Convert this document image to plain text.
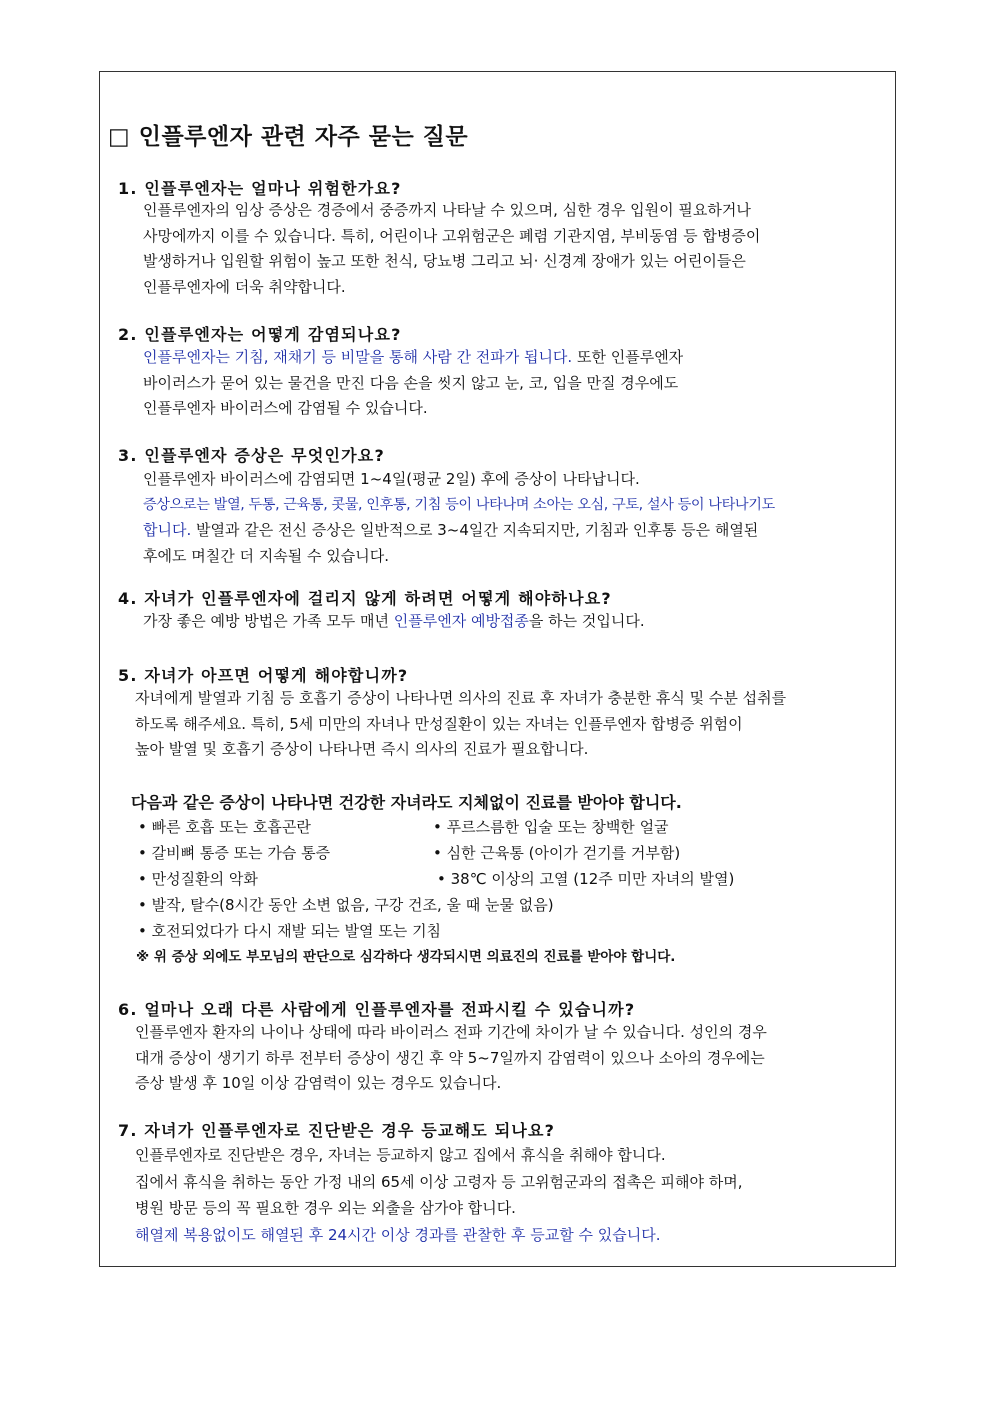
□ 인플루엔자 관련 자주 묻는 질문
1. 인플루엔자는 얼마나 위험한가요?
인플루엔자의 임상 증상은 경증에서 중증까지 나타날 수 있으며, 심한 경우 입원이 필요하거나
사망에까지 이를 수 있습니다. 특히, 어린이나 고위험군은 폐렴 기관지염, 부비동염 등 합병증이
발생하거나 입원할 위험이 높고 또한 천식, 당뇨병 그리고 뇌· 신경계 장애가 있는 어린이들은
인플루엔자에 더욱 취약합니다.
2. 인플루엔자는 어떻게 감염되나요?
인플루엔자는 기침, 재채기 등 비말을 통해 사람 간 전파가 됩니다. 또한 인플루엔자
바이러스가 묻어 있는 물건을 만진 다음 손을 씻지 않고 눈, 코, 입을 만질 경우에도
인플루엔자 바이러스에 감염될 수 있습니다.
3. 인플루엔자 증상은 무엇인가요?
인플루엔자 바이러스에 감염되면 1~4일(평균 2일) 후에 증상이 나타납니다.
증상으로는 발열, 두통, 근육통, 콧물, 인후통, 기침 등이 나타나며 소아는 오심, 구토, 설사 등이 나타나기도
합니다. 발열과 같은 전신 증상은 일반적으로 3~4일간 지속되지만, 기침과 인후통 등은 해열된
후에도 며칠간 더 지속될 수 있습니다.
4. 자녀가 인플루엔자에 걸리지 않게 하려면 어떻게 해야하나요?
가장 좋은 예방 방법은 가족 모두 매년 인플루엔자 예방접종을 하는 것입니다.
5. 자녀가 아프면 어떻게 해야합니까?
자녀에게 발열과 기침 등 호흡기 증상이 나타나면 의사의 진료 후 자녀가 충분한 휴식 및 수분 섭취를
하도록 해주세요. 특히, 5세 미만의 자녀나 만성질환이 있는 자녀는 인플루엔자 합병증 위험이
높아 발열 및 호흡기 증상이 나타나면 즉시 의사의 진료가 필요합니다.
다음과 같은 증상이 나타나면 건강한 자녀라도 지체없이 진료를 받아야 합니다.
• 빠른 호흡 또는 호흡곤란
• 갈비뼈 통증 또는 가슴 통증
• 만성질환의 악화
• 발작, 탈수(8시간 동안 소변 없음, 구강 건조, 울 때 눈물 없음)
• 호전되었다가 다시 재발 되는 발열 또는 기침
• 푸르스름한 입술 또는 창백한 얼굴
• 심한 근육통 (아이가 걷기를 거부함)
• 38℃ 이상의 고열 (12주 미만 자녀의 발열)
※ 위 증상 외에도 부모님의 판단으로 심각하다 생각되시면 의료진의 진료를 받아야 합니다.
6. 얼마나 오래 다른 사람에게 인플루엔자를 전파시킬 수 있습니까?
인플루엔자 환자의 나이나 상태에 따라 바이러스 전파 기간에 차이가 날 수 있습니다. 성인의 경우
대개 증상이 생기기 하루 전부터 증상이 생긴 후 약 5~7일까지 감염력이 있으나 소아의 경우에는
증상 발생 후 10일 이상 감염력이 있는 경우도 있습니다.
7. 자녀가 인플루엔자로 진단받은 경우 등교해도 되나요?
인플루엔자로 진단받은 경우, 자녀는 등교하지 않고 집에서 휴식을 취해야 합니다.
집에서 휴식을 취하는 동안 가정 내의 65세 이상 고령자 등 고위험군과의 접촉은 피해야 하며,
병원 방문 등의 꼭 필요한 경우 외는 외출을 삼가야 합니다.
해열제 복용없이도 해열된 후 24시간 이상 경과를 관찰한 후 등교할 수 있습니다.
